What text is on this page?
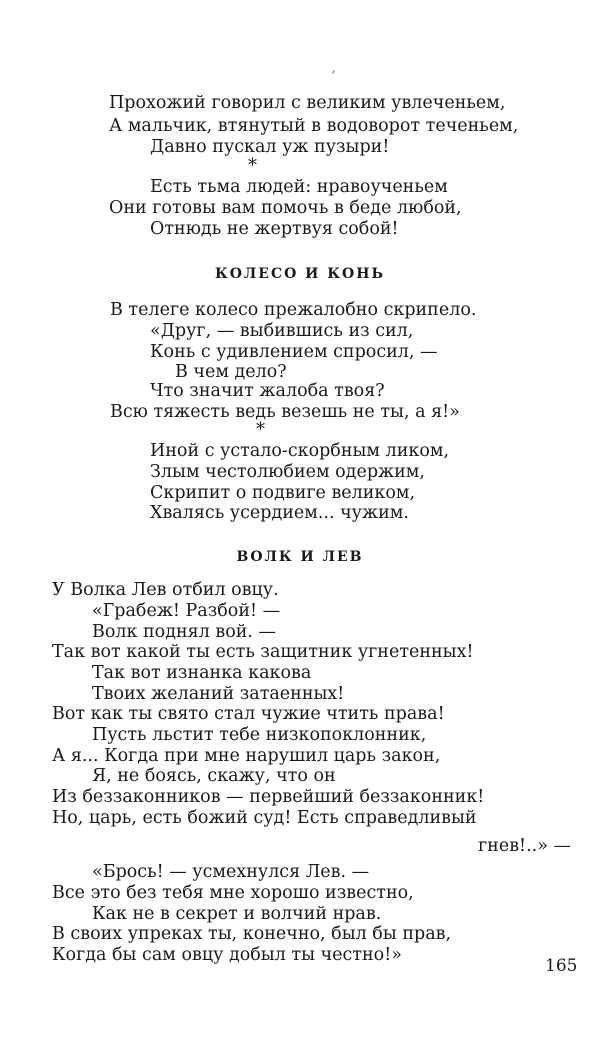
Прохожий говорил с великим увлеченьем,
А мальчик, втянутый в водоворот теченьем,
Давно пускал уж пузыри!
*
Есть тьма людей: нравоученьем
Они готовы вам помочь в беде любой,
Отнюдь не жертвуя собой!
КОЛЕСО И КОНЬ
В телеге колесо прежалобно скрипело.
«Друг, — выбившись из сил,
Конь с удивлением спросил, —
В чем дело?
Что значит жалоба твоя?
Всю тяжесть ведь везешь не ты, а я!»
*
Иной с устало-скорбным ликом,
Злым честолюбием одержим,
Скрипит о подвиге великом,
Хвалясь усердием... чужим.
ВОЛК И ЛЕВ
У Волка Лев отбил овцу.
«Грабеж! Разбой! —
Волк поднял вой. —
Так вот какой ты есть защитник угнетенных!
Так вот изнанка какова
Твоих желаний затаенных!
Вот как ты свято стал чужие чтить права!
Пусть льстит тебе низкопоклонник,
А я... Когда при мне нарушил царь закон,
Я, не боясь, скажу, что он
Из беззаконников — первейший беззаконник!
Но, царь, есть божий суд! Есть справедливый
гнев!..» —
«Брось! — усмехнулся Лев. —
Все это без тебя мне хорошо известно,
Как не в секрет и волчий нрав.
В своих упреках ты, конечно, был бы прав,
Когда бы сам овцу добыл ты честно!»
165
